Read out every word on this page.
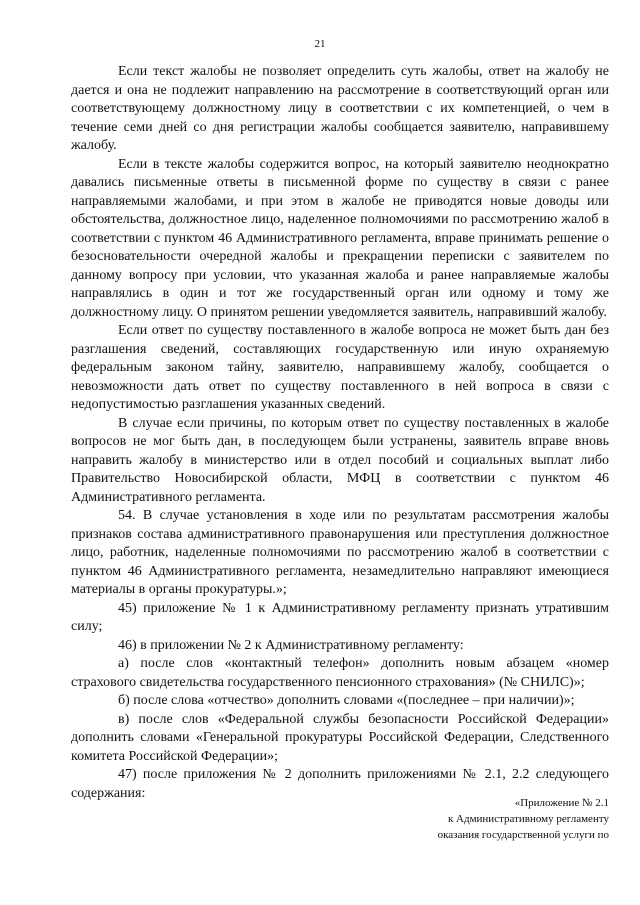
21

Если текст жалобы не позволяет определить суть жалобы, ответ на жалобу не дается и она не подлежит направлению на рассмотрение в соответствующий орган или соответствующему должностному лицу в соответствии с их компетенцией, о чем в течение семи дней со дня регистрации жалобы сообщается заявителю, направившему жалобу.

Если в тексте жалобы содержится вопрос, на который заявителю неоднократно давались письменные ответы в письменной форме по существу в связи с ранее направляемыми жалобами, и при этом в жалобе не приводятся новые доводы или обстоятельства, должностное лицо, наделенное полномочиями по рассмотрению жалоб в соответствии с пунктом 46 Административного регламента, вправе принимать решение о безосновательности очередной жалобы и прекращении переписки с заявителем по данному вопросу при условии, что указанная жалоба и ранее направляемые жалобы направлялись в один и тот же государственный орган или одному и тому же должностному лицу. О принятом решении уведомляется заявитель, направивший жалобу.

Если ответ по существу поставленного в жалобе вопроса не может быть дан без разглашения сведений, составляющих государственную или иную охраняемую федеральным законом тайну, заявителю, направившему жалобу, сообщается о невозможности дать ответ по существу поставленного в ней вопроса в связи с недопустимостью разглашения указанных сведений.

В случае если причины, по которым ответ по существу поставленных в жалобе вопросов не мог быть дан, в последующем были устранены, заявитель вправе вновь направить жалобу в министерство или в отдел пособий и социальных выплат либо Правительство Новосибирской области, МФЦ в соответствии с пунктом 46 Административного регламента.

54. В случае установления в ходе или по результатам рассмотрения жалобы признаков состава административного правонарушения или преступления должностное лицо, работник, наделенные полномочиями по рассмотрению жалоб в соответствии с пунктом 46 Административного регламента, незамедлительно направляют имеющиеся материалы в органы прокуратуры.»;

45) приложение № 1 к Административному регламенту признать утратившим силу;

46) в приложении № 2 к Административному регламенту:

а) после слов «контактный телефон» дополнить новым абзацем «номер страхового свидетельства государственного пенсионного страхования» (№ СНИЛС)»;

б) после слова «отчество» дополнить словами «(последнее – при наличии)»;

в) после слов «Федеральной службы безопасности Российской Федерации» дополнить словами «Генеральной прокуратуры Российской Федерации, Следственного комитета Российской Федерации»;

47) после приложения № 2 дополнить приложениями № 2.1, 2.2 следующего содержания:

«Приложение № 2.1
к Административному регламенту
оказания государственной услуги по
